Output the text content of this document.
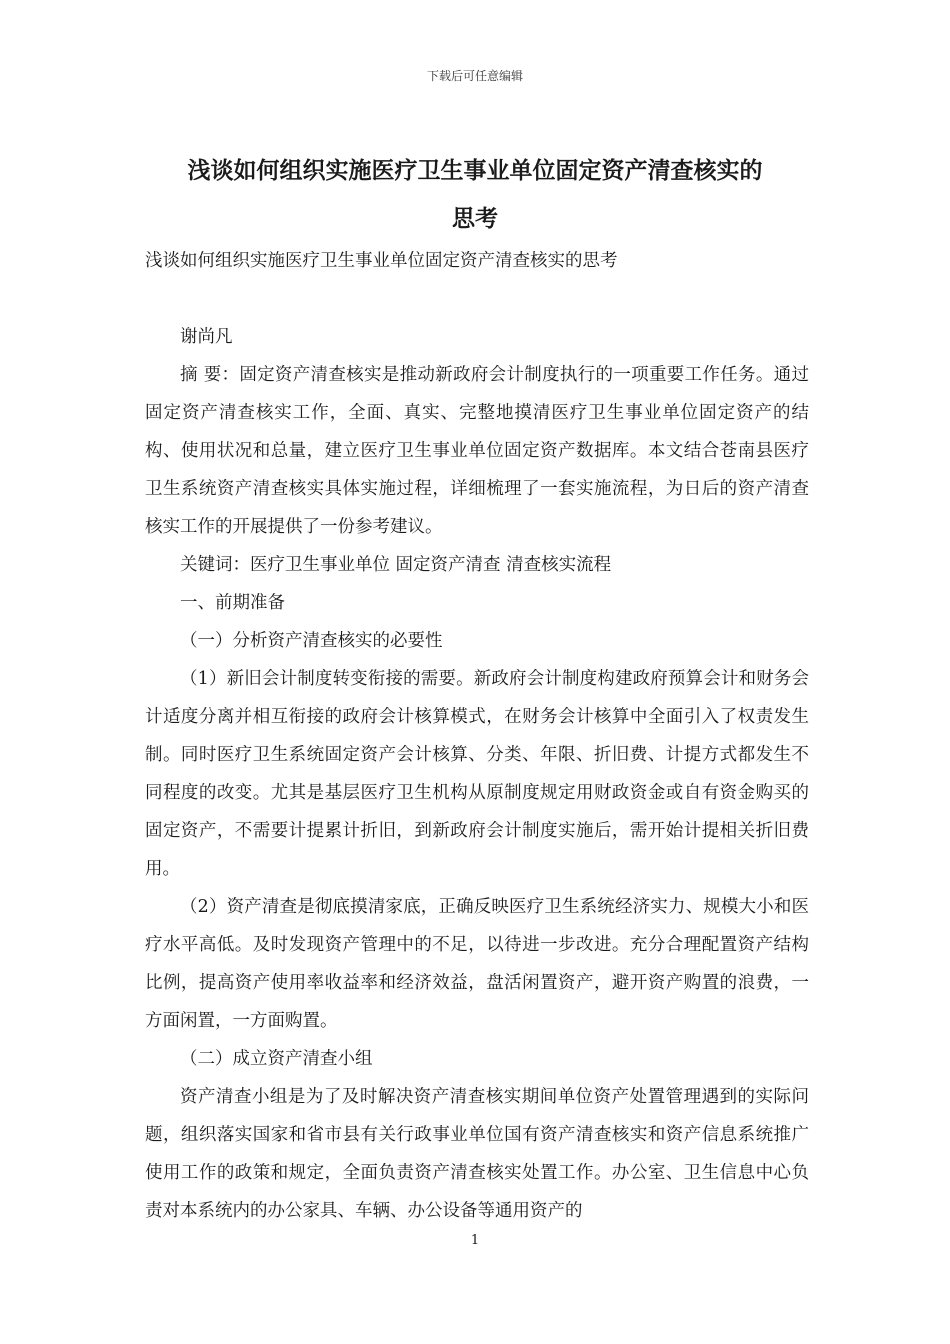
下载后可任意编辑
浅谈如何组织实施医疗卫生事业单位固定资产清查核实的
思考

浅谈如何组织实施医疗卫生事业单位固定资产清查核实的思考

谢尚凡

摘 要：固定资产清查核实是推动新政府会计制度执行的一项重要工作任务。通过固定资产清查核实工作，全面、真实、完整地摸清医疗卫生事业单位固定资产的结构、使用状况和总量，建立医疗卫生事业单位固定资产数据库。本文结合苍南县医疗卫生系统资产清查核实具体实施过程，详细梳理了一套实施流程，为日后的资产清查核实工作的开展提供了一份参考建议。

关键词：医疗卫生事业单位 固定资产清查 清查核实流程

一、前期准备

（一）分析资产清查核实的必要性

（1）新旧会计制度转变衔接的需要。新政府会计制度构建政府预算会计和财务会计适度分离并相互衔接的政府会计核算模式，在财务会计核算中全面引入了权责发生制。同时医疗卫生系统固定资产会计核算、分类、年限、折旧费、计提方式都发生不同程度的改变。尤其是基层医疗卫生机构从原制度规定用财政资金或自有资金购买的固定资产，不需要计提累计折旧，到新政府会计制度实施后，需开始计提相关折旧费用。

（2）资产清查是彻底摸清家底，正确反映医疗卫生系统经济实力、规模大小和医疗水平高低。及时发现资产管理中的不足，以待进一步改进。充分合理配置资产结构比例，提高资产使用率收益率和经济效益，盘活闲置资产，避开资产购置的浪费，一方面闲置，一方面购置。

（二）成立资产清查小组

资产清查小组是为了及时解决资产清查核实期间单位资产处置管理遇到的实际问题，组织落实国家和省市县有关行政事业单位国有资产清查核实和资产信息系统推广使用工作的政策和规定，全面负责资产清查核实处置工作。办公室、卫生信息中心负责对本系统内的办公家具、车辆、办公设备等通用资产的

1
